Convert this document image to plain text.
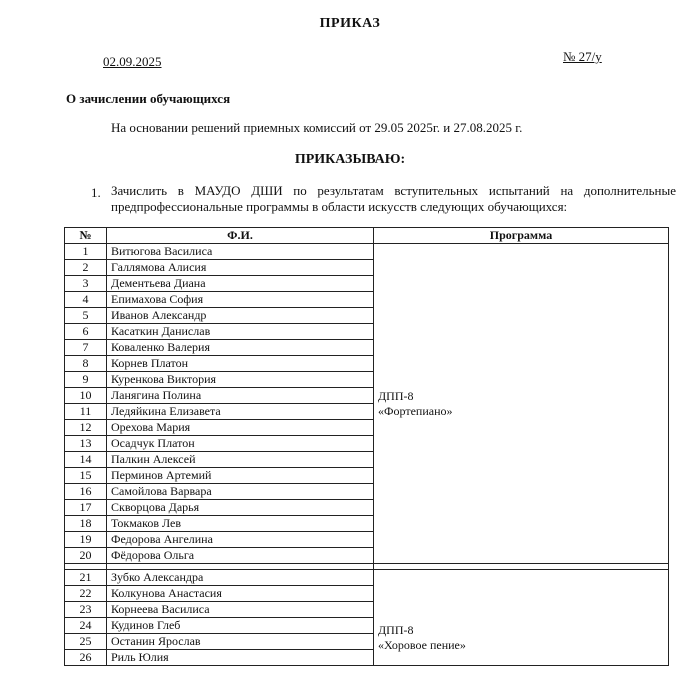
ПРИКАЗ
02.09.2025	№ 27/у
О зачислении обучающихся
На основании решений приемных комиссий от 29.05 2025г. и 27.08.2025 г.
ПРИКАЗЫВАЮ:
1. Зачислить в МАУДО ДШИ по результатам вступительных испытаний на дополнительные предпрофессиональные программы в области искусств следующих обучающихся:
№	Ф.И.	Программа
1	Витюгова Василиса	ДПП-8
«Фортепиано»

2	Галлямова Алисия	
3	Дементьева Диана	
4	Епимахова София	
5	Иванов Александр	
6	Касаткин Данислав	
7	Коваленко Валерия	
8	Корнев Платон	
9	Куренкова Виктория	
10	Ланягина Полина	
11	Ледяйкина Елизавета	
12	Орехова Мария	
13	Осадчук Платон	
14	Палкин Алексей	
15	Перминов Артемий	
16	Самойлова Варвара	
17	Скворцова Дарья	
18	Токмаков Лев	
19	Федорова Ангелина	
20	Фёдорова Ольга	

21	Зубко Александра	ДПП-8
«Хоровое пение»

22	Колкунова Анастасия	
23	Корнеева Василиса	
24	Кудинов Глеб	
25	Останин Ярослав	
26	Риль Юлия	
